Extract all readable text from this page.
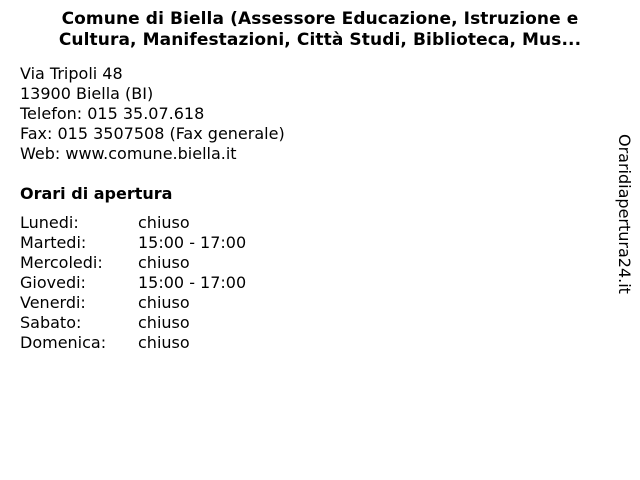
Comune di Biella (Assessore Educazione, Istruzione e
Cultura, Manifestazioni, Città Studi, Biblioteca, Mus...
Via Tripoli 48
13900 Biella (BI)
Telefon: 015 35.07.618
Fax: 015 3507508 (Fax generale)
Web: www.comune.biella.it
Orari di apertura
Lunedi:	chiuso
Martedi:	15:00 - 17:00
Mercoledi:	chiuso
Giovedi:	15:00 - 17:00
Venerdi:	chiuso
Sabato:	chiuso
Domenica:	chiuso
Oraridiapertura24.it
